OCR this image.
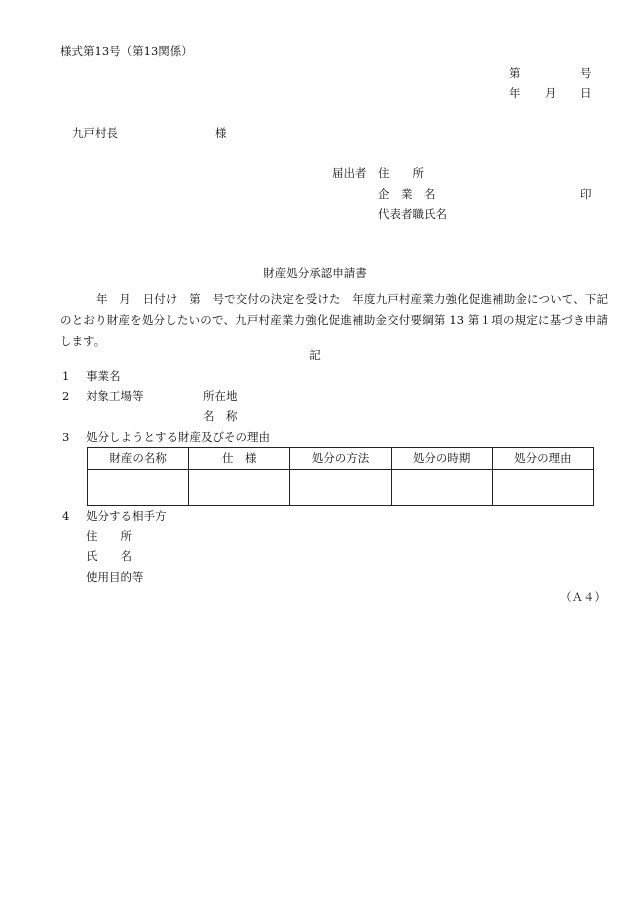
様式第13号（第13関係）
第	号
年 月 日
九戸村長	様
届出者 住　　所
企　業　名	印
代表者職氏名
財産処分承認申請書
年　月　日付け　第　号で交付の決定を受けた　年度九戸村産業力強化促進補助金について、下記のとおり財産を処分したいので、九戸村産業力強化促進補助金交付要綱第 13 第１項の規定に基づき申請します。
記
1 事業名
2 対象工場等	所在地
名　称
3 処分しようとする財産及びその理由
財産の名称	仕　様	処分の方法	処分の時期	処分の理由

4 処分する相手方
住　　所
氏　　名
使用目的等
（Ａ４）
